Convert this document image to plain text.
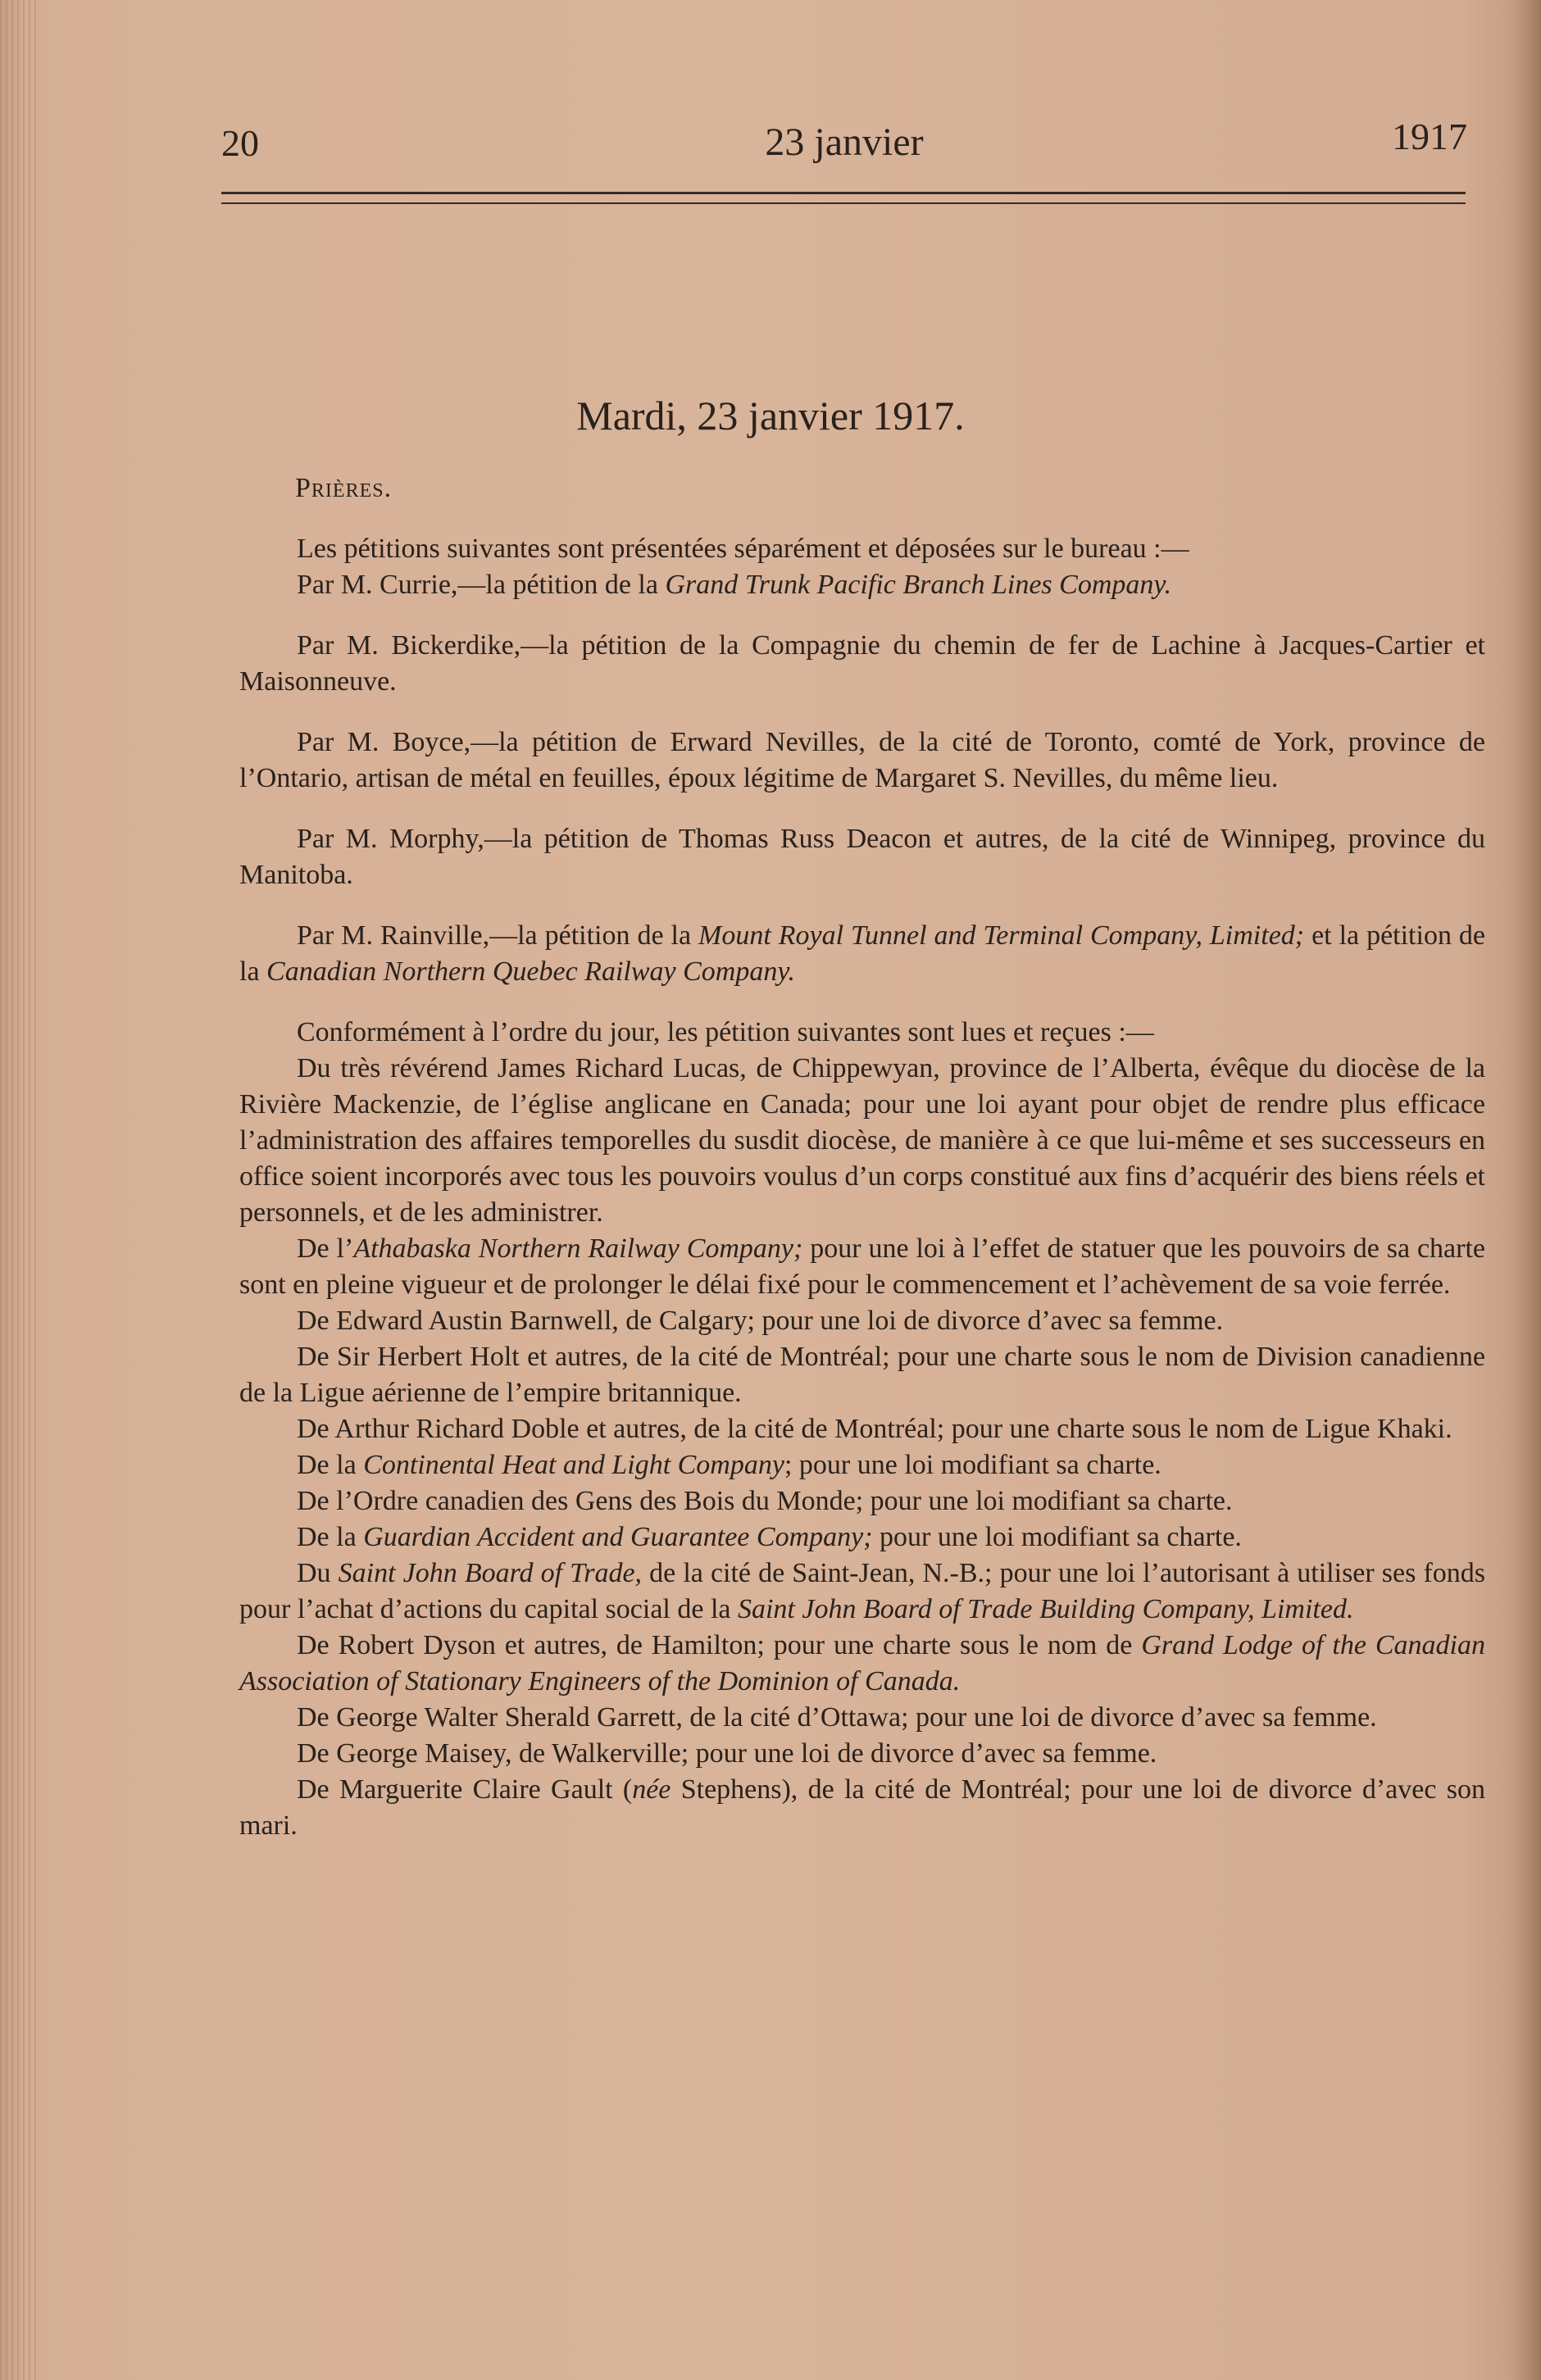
20	23 janvier	1917
Mardi, 23 janvier 1917.

Prières.

Les pétitions suivantes sont présentées séparément et déposées sur le bureau :—

Par M. Currie,—la pétition de la Grand Trunk Pacific Branch Lines Company.

Par M. Bickerdike,—la pétition de la Compagnie du chemin de fer de Lachine à Jacques-Cartier et Maisonneuve.

Par M. Boyce,—la pétition de Erward Nevilles, de la cité de Toronto, comté de York, province de l’Ontario, artisan de métal en feuilles, époux légitime de Margaret S. Nevilles, du même lieu.

Par M. Morphy,—la pétition de Thomas Russ Deacon et autres, de la cité de Winnipeg, province du Manitoba.

Par M. Rainville,—la pétition de la Mount Royal Tunnel and Terminal Company, Limited; et la pétition de la Canadian Northern Quebec Railway Company.

Conformément à l’ordre du jour, les pétition suivantes sont lues et reçues :—

Du très révérend James Richard Lucas, de Chippewyan, province de l’Alberta, évêque du diocèse de la Rivière Mackenzie, de l’église anglicane en Canada; pour une loi ayant pour objet de rendre plus efficace l’administration des affaires temporelles du susdit diocèse, de manière à ce que lui-même et ses successeurs en office soient incorporés avec tous les pouvoirs voulus d’un corps constitué aux fins d’acquérir des biens réels et personnels, et de les administrer.

De l’Athabaska Northern Railway Company; pour une loi à l’effet de statuer que les pouvoirs de sa charte sont en pleine vigueur et de prolonger le délai fixé pour le commencement et l’achèvement de sa voie ferrée.

De Edward Austin Barnwell, de Calgary; pour une loi de divorce d’avec sa femme.

De Sir Herbert Holt et autres, de la cité de Montréal; pour une charte sous le nom de Division canadienne de la Ligue aérienne de l’empire britannique.

De Arthur Richard Doble et autres, de la cité de Montréal; pour une charte sous le nom de Ligue Khaki.

De la Continental Heat and Light Company; pour une loi modifiant sa charte.

De l’Ordre canadien des Gens des Bois du Monde; pour une loi modifiant sa charte.

De la Guardian Accident and Guarantee Company; pour une loi modifiant sa charte.

Du Saint John Board of Trade, de la cité de Saint-Jean, N.-B.; pour une loi l’autorisant à utiliser ses fonds pour l’achat d’actions du capital social de la Saint John Board of Trade Building Company, Limited.

De Robert Dyson et autres, de Hamilton; pour une charte sous le nom de Grand Lodge of the Canadian Association of Stationary Engineers of the Dominion of Canada.

De George Walter Sherald Garrett, de la cité d’Ottawa; pour une loi de divorce d’avec sa femme.

De George Maisey, de Walkerville; pour une loi de divorce d’avec sa femme.

De Marguerite Claire Gault (née Stephens), de la cité de Montréal; pour une loi de divorce d’avec son mari.
